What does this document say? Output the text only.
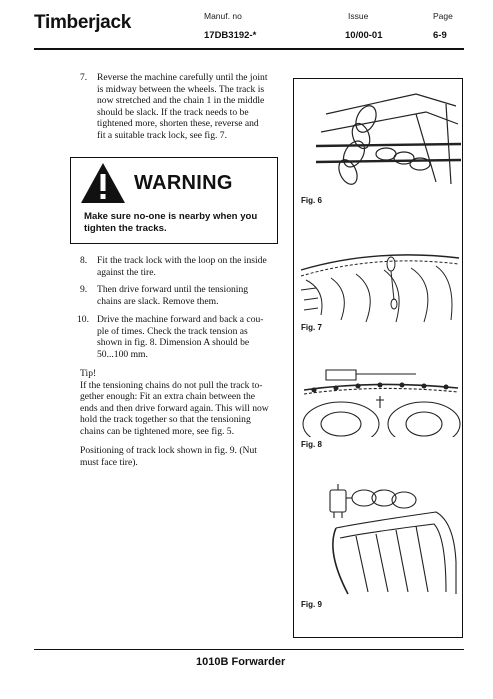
Timberjack	Manuf. no
17DB3192-*
Issue
10/00-01
Page
6-9
7. Reverse the machine carefully until the joint
is midway between the wheels. The track is
now stretched and the chain 1 in the middle
should be slack. If the track needs to be
tightened more, shorten these, reverse and
fit a suitable track lock, see fig. 7.
WARNING
Make sure no-one is nearby when you
tighten the tracks.
8. Fit the track lock with the loop on the inside
against the tire.
9. Then drive forward until the tensioning
chains are slack. Remove them.
10. Drive the machine forward and back a cou-
ple of times. Check the track tension as
shown in fig. 8. Dimension A should be
50...100 mm.
Tip!
If the tensioning chains do not pull the track to-
gether enough: Fit an extra chain between the
ends and then drive forward again. This will now
hold the track together so that the tensioning
chains can be tightened more, see fig. 5.
Positioning of track lock shown in fig. 9. (Nut
must face tire).
Fig. 6
Fig. 7
Fig. 8
Fig. 9
1010B Forwarder
